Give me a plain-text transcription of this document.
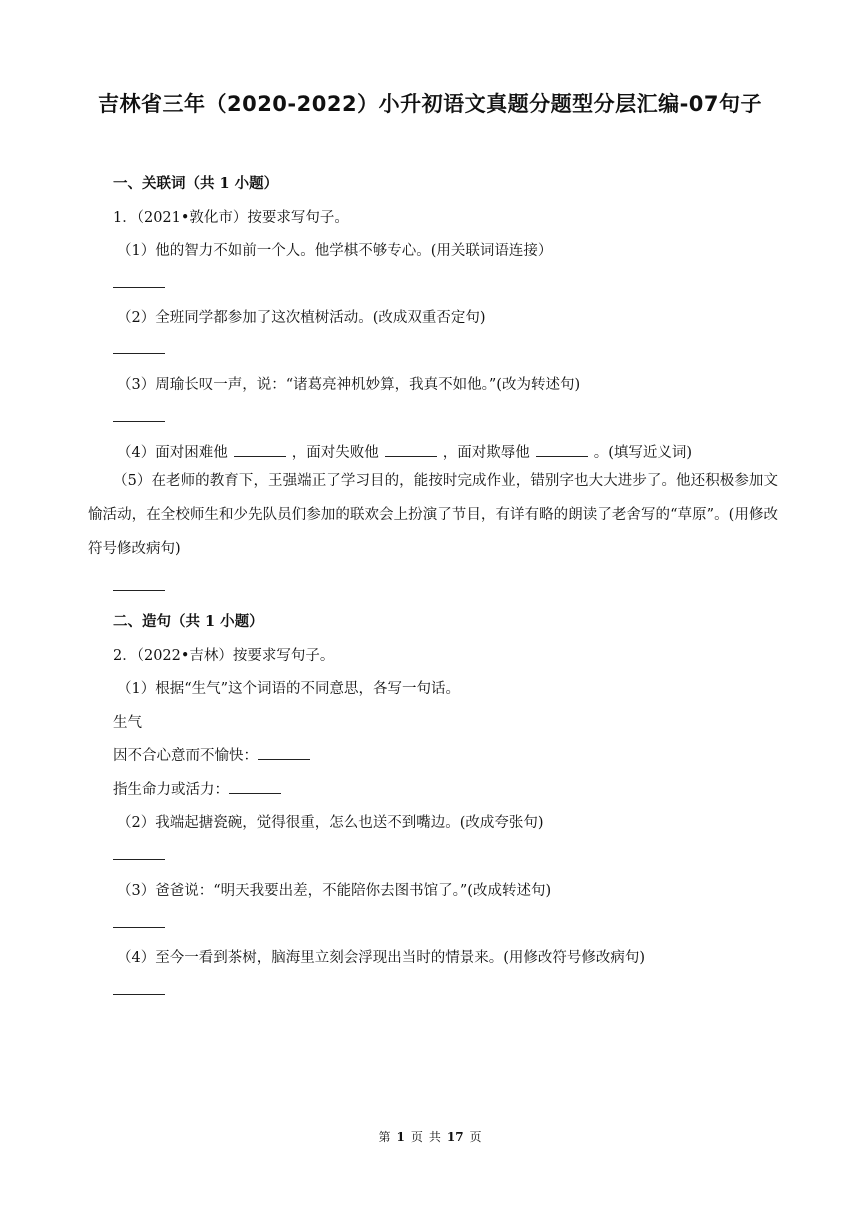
吉林省三年（2020-2022）小升初语文真题分题型分层汇编-07句子
一、关联词（共 1 小题）
1．（2021•敦化市）按要求写句子。
（1）他的智力不如前一个人。他学棋不够专心。(用关联词语连接）
（2）全班同学都参加了这次植树活动。(改成双重否定句)
（3）周瑜长叹一声，说：“诸葛亮神机妙算，我真不如他。”(改为转述句)
（4）面对困难他	，面对失败他	，面对欺辱他	。(填写近义词)
（5）在老师的教育下，王强端正了学习目的，能按时完成作业，错别字也大大进步了。他还积极参加文愉活动，在全校师生和少先队员们参加的联欢会上扮演了节目，有详有略的朗读了老舍写的“草原”。(用修改符号修改病句)
二、造句（共 1 小题）
2．（2022•吉林）按要求写句子。
（1）根据“生气”这个词语的不同意思，各写一句话。
生气
因不合心意而不愉快：
指生命力或活力：
（2）我端起搪瓷碗，觉得很重，怎么也送不到嘴边。(改成夸张句)
（3）爸爸说：“明天我要出差，不能陪你去图书馆了。”(改成转述句)
（4）至今一看到茶树，脑海里立刻会浮现出当时的情景来。(用修改符号修改病句)
第 1 页 共 17 页
